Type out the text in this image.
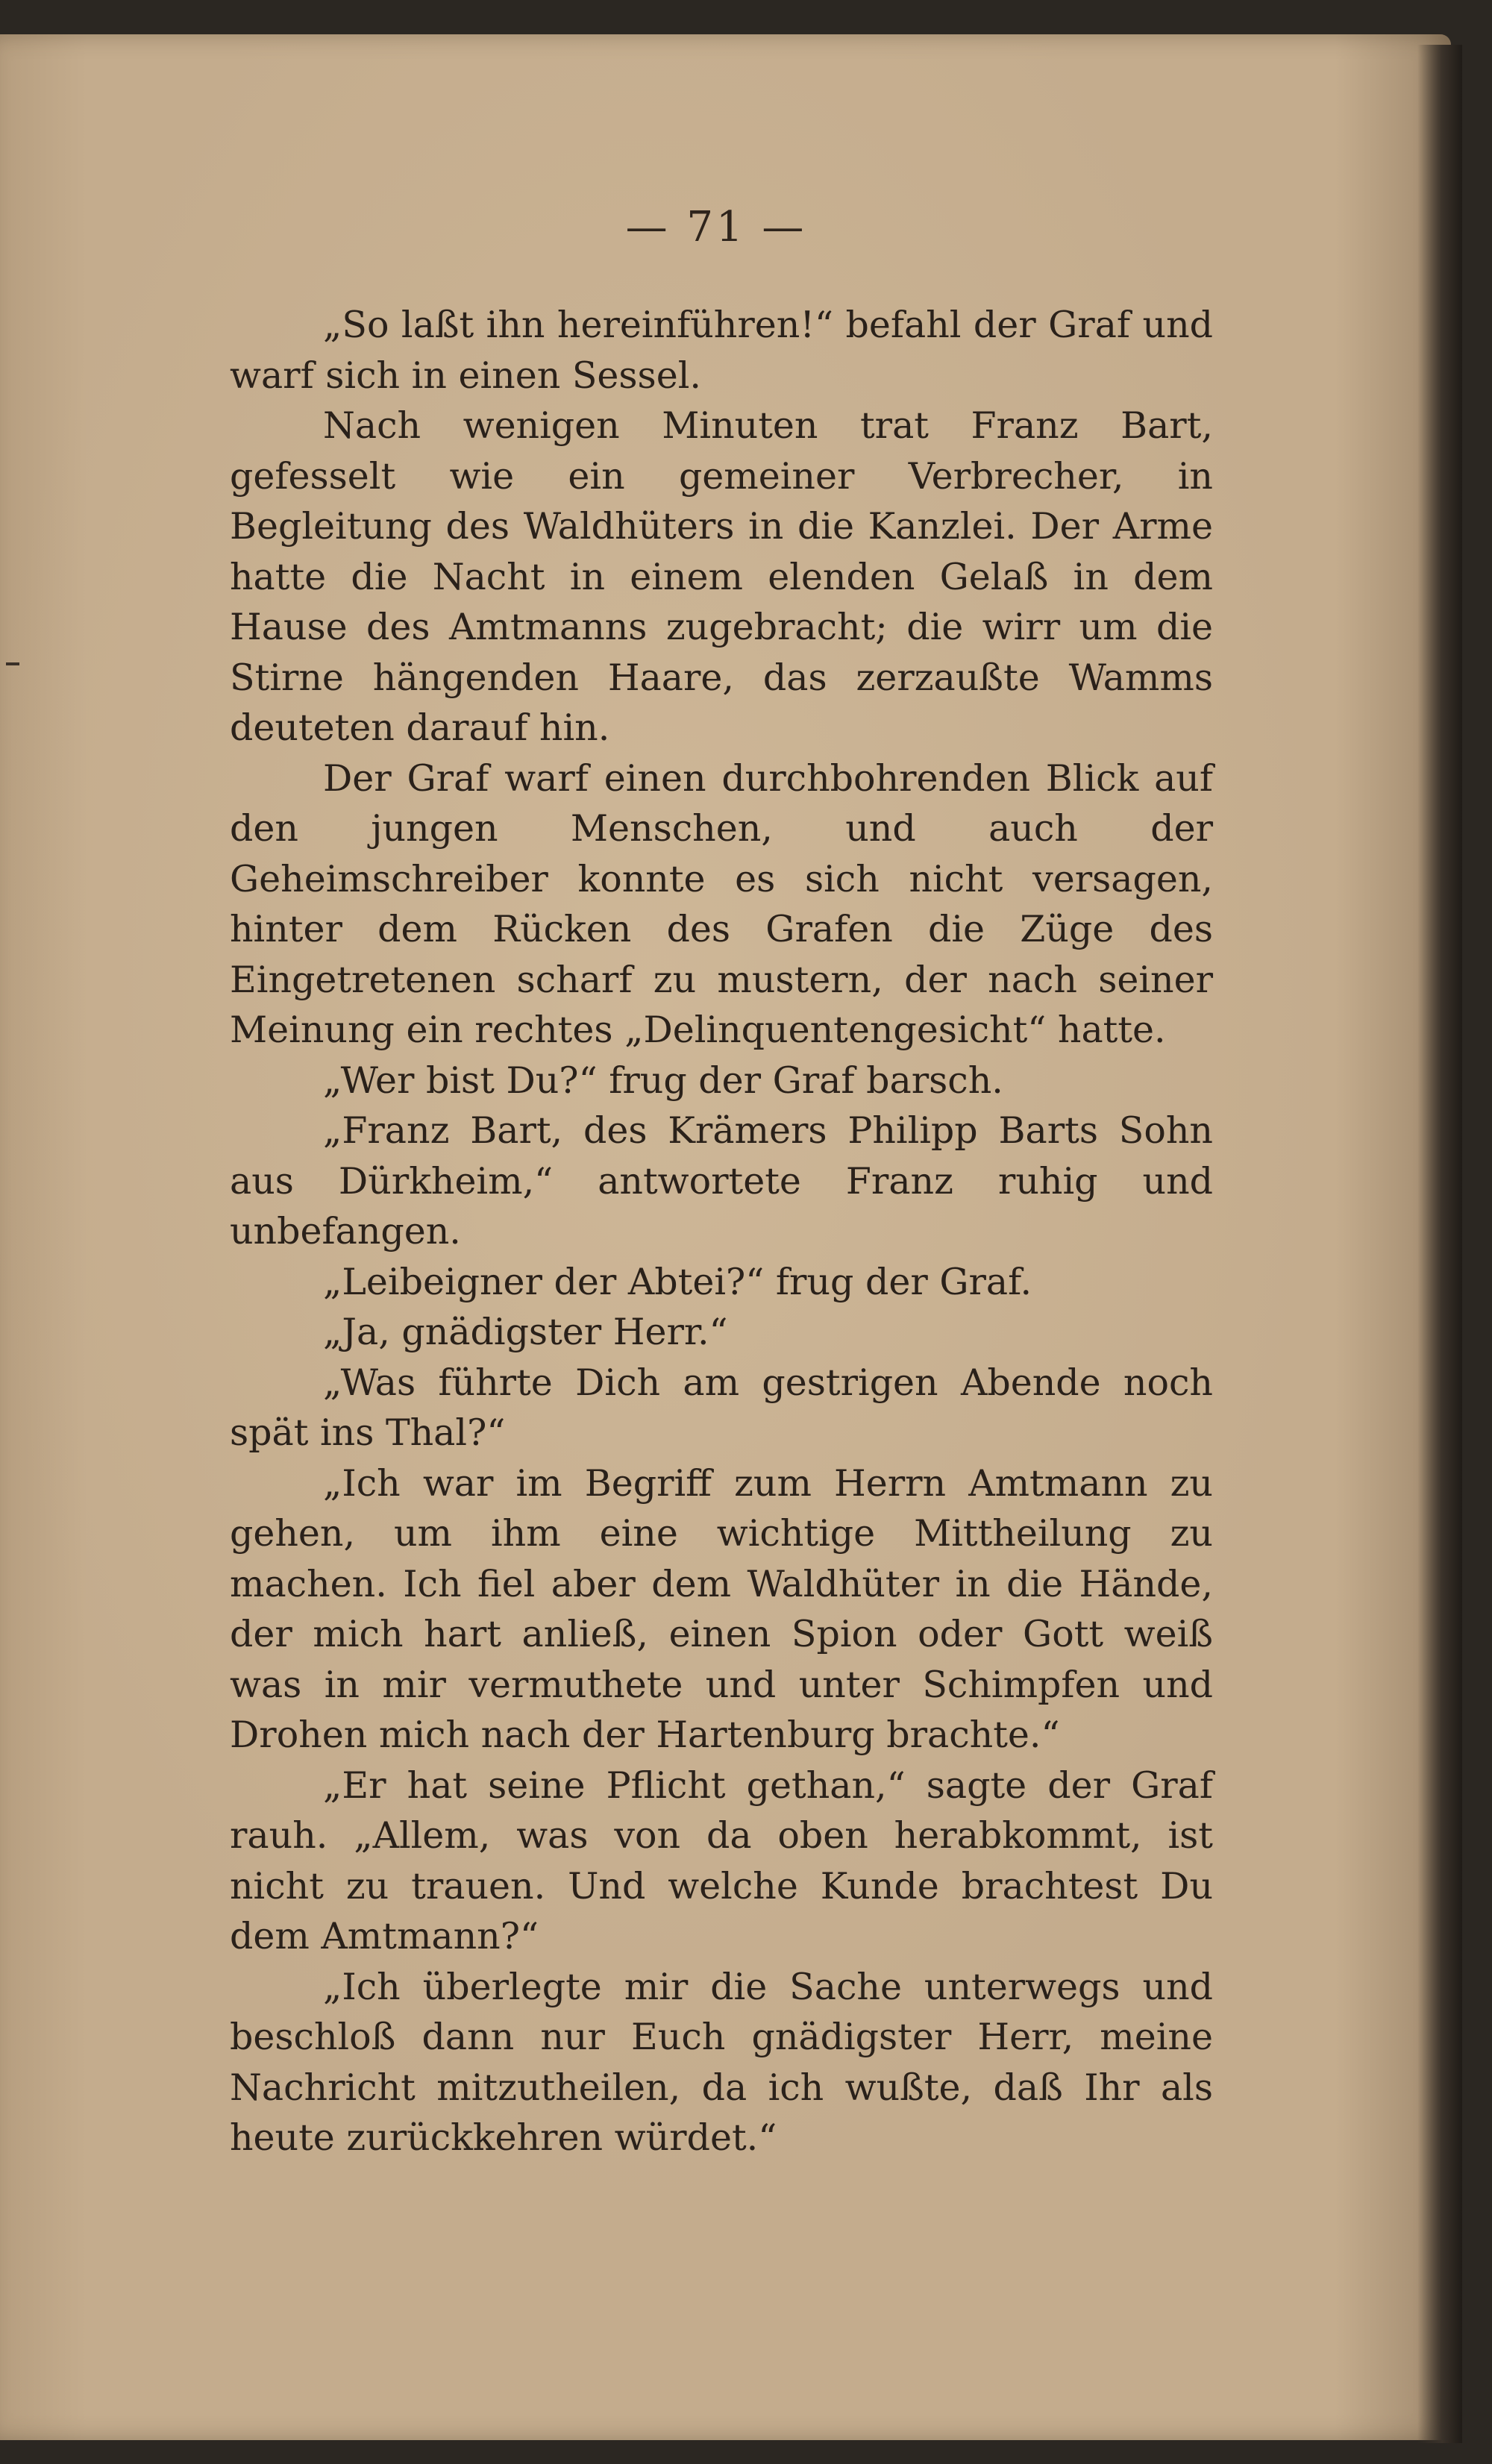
— 71 —

„So laßt ihn hereinführen!“ befahl der Graf und warf sich in einen Sessel.

Nach wenigen Minuten trat Franz Bart, gefesselt wie ein gemeiner Verbrecher, in Begleitung des Waldhüters in die Kanzlei. Der Arme hatte die Nacht in einem elenden Gelaß in dem Hause des Amtmanns zugebracht; die wirr um die Stirne hängenden Haare, das zerzaußte Wamms deuteten darauf hin.

Der Graf warf einen durchbohrenden Blick auf den jungen Menschen, und auch der Geheimschreiber konnte es sich nicht versagen, hinter dem Rücken des Grafen die Züge des Eingetretenen scharf zu mustern, der nach seiner Meinung ein rechtes „Delinquentengesicht“ hatte.

„Wer bist Du?“ frug der Graf barsch.

„Franz Bart, des Krämers Philipp Barts Sohn aus Dürkheim,“ antwortete Franz ruhig und unbefangen.

„Leibeigner der Abtei?“ frug der Graf.

„Ja, gnädigster Herr.“

„Was führte Dich am gestrigen Abende noch spät ins Thal?“

„Ich war im Begriff zum Herrn Amtmann zu gehen, um ihm eine wichtige Mittheilung zu machen. Ich fiel aber dem Waldhüter in die Hände, der mich hart anließ, einen Spion oder Gott weiß was in mir vermuthete und unter Schimpfen und Drohen mich nach der Hartenburg brachte.“

„Er hat seine Pflicht gethan,“ sagte der Graf rauh. „Allem, was von da oben herabkommt, ist nicht zu trauen. Und welche Kunde brachtest Du dem Amtmann?“

„Ich überlegte mir die Sache unterwegs und beschloß dann nur Euch gnädigster Herr, meine Nachricht mitzutheilen, da ich wußte, daß Ihr als heute zurückkehren würdet.“
